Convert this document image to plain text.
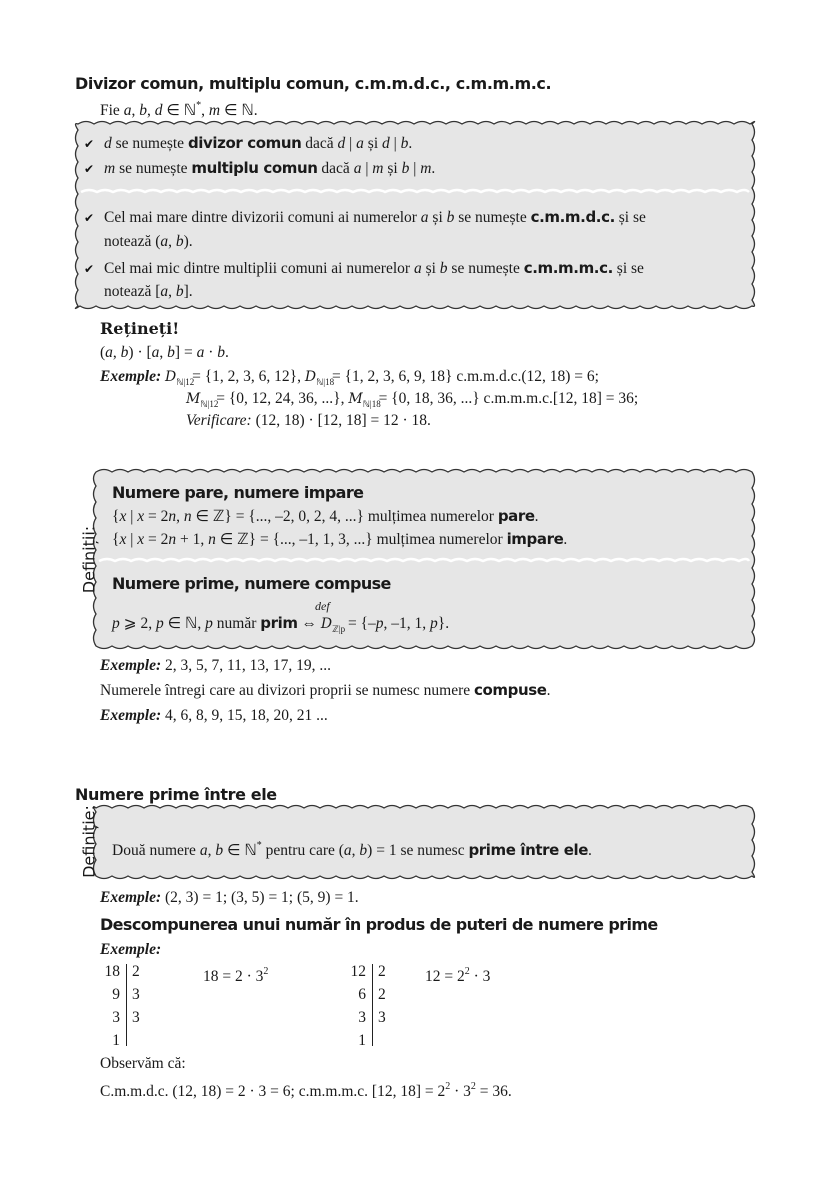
Divizor comun, multiplu comun, c.m.m.d.c., c.m.m.m.c.
Fie a, b, d ∈ ℕ*, m ∈ ℕ.
✔ d se numește divizor comun dacă d | a și d | b.
✔ m se numește multiplu comun dacă a | m și b | m.
✔ Cel mai mare dintre divizorii comuni ai numerelor a și b se numește c.m.m.d.c. și se
notează (a, b).
✔ Cel mai mic dintre multiplii comuni ai numerelor a și b se numește c.m.m.m.c. și se
notează [a, b].
Rețineți!
(a, b) · [a, b] = a · b.
Exemple: Dℕ|12 = {1, 2, 3, 6, 12}, Dℕ|18 = {1, 2, 3, 6, 9, 18} c.m.m.d.c.(12, 18) = 6;
Mℕ|12 = {0, 12, 24, 36, ...}, Mℕ|18 = {0, 18, 36, ...} c.m.m.m.c.[12, 18] = 36;
Verificare: (12, 18) · [12, 18] = 12 · 18.
Definiții:
Numere pare, numere impare
{x | x = 2n, n ∈ ℤ} = {..., –2, 0, 2, 4, ...} mulțimea numerelor pare.
{x | x = 2n + 1, n ∈ ℤ} = {..., –1, 1, 3, ...} mulțimea numerelor impare.
Numere prime, numere compuse
def
p ⩾ 2, p ∈ ℕ, p număr prim ⇔ Dℤ|p = {–p, –1, 1, p}.
Exemple: 2, 3, 5, 7, 11, 13, 17, 19, ...
Numerele întregi care au divizori proprii se numesc numere compuse.
Exemple: 4, 6, 8, 9, 15, 18, 20, 21 ...
Numere prime între ele
Definiție: Două numere a, b ∈ ℕ* pentru care (a, b) = 1 se numesc prime între ele.
Exemple: (2, 3) = 1; (3, 5) = 1; (5, 9) = 1.
Descompunerea unui număr în produs de puteri de numere prime
Exemple:
18 2
9 3
3 3
1
$18 = 2 \cdot 3^2$	12 2
6 2
3 3
1
$12 = 2^2 \cdot 3$
Observăm că:
C.m.m.d.c. (12, 18) = 2 · 3 = 6; c.m.m.m.c. [12, $18] = 2^2 \cdot 3^2 = 36$.
